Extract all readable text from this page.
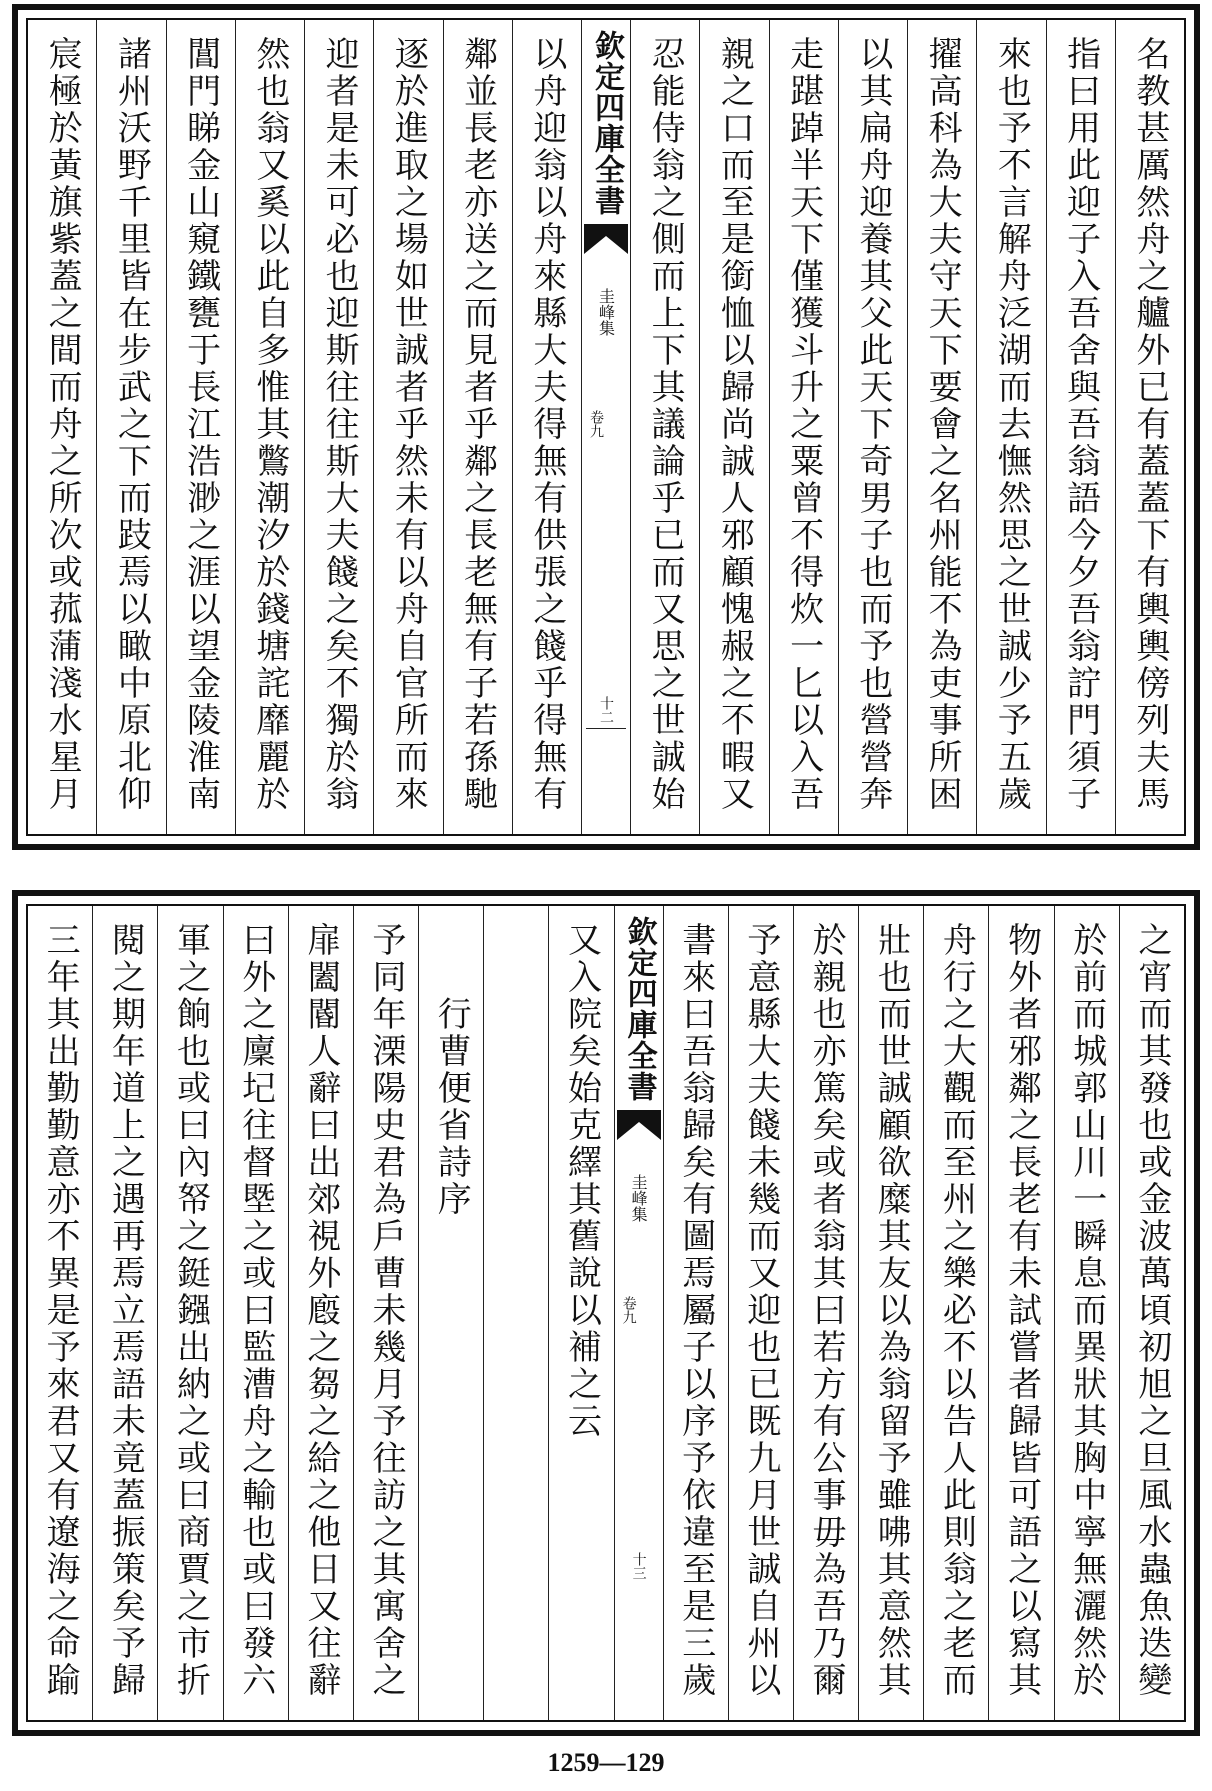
名教甚厲然舟之艫外已有蓋蓋下有輿輿傍列夫馬
指曰用此迎子入吾舍與吾翁語今夕吾翁詝門須子
來也予不言解舟泛湖而去憮然思之世誠少予五歲
擢高科為大夫守天下要會之名州能不為吏事所困
以其扁舟迎養其父此天下奇男子也而予也營營奔
走踸踔半天下僅獲斗升之粟曾不得炊一匕以入吾
親之口而至是銜恤以歸尚誠人邪顧愧赧之不暇又
忍能侍翁之側而上下其議論乎已而又思之世誠始
欽定四庫全書
圭峰集
卷九
十二
以舟迎翁以舟來縣大夫得無有供張之餞乎得無有
鄰並長老亦送之而見者乎鄰之長老無有子若孫馳
逐於進取之場如世誠者乎然未有以舟自官所而來
迎者是未可必也迎斯往往斯大夫餞之矣不獨於翁
然也翁又奚以此自多惟其鷩潮汐於錢塘詫靡麗於
閶門睇金山窺鐵甕于長江浩渺之涯以望金陵淮南
諸州沃野千里皆在步武之下而跂焉以瞰中原北仰
宸極於黃旗紫蓋之間而舟之所次或菰蒲淺水星月
之宵而其發也或金波萬頃初旭之旦風水蟲魚迭變
於前而城郭山川一瞬息而異狀其胸中寧無灑然於
物外者邪鄰之長老有未試嘗者歸皆可語之以寫其
舟行之大觀而至州之樂必不以告人此則翁之老而
壯也而世誠顧欲糜其友以為翁留予雖咈其意然其
於親也亦篤矣或者翁其曰若方有公事毋為吾乃爾
予意縣大夫餞未幾而又迎也已既九月世誠自州以
書來曰吾翁歸矣有圖焉屬子以序予依違至是三歲
欽定四庫全書
圭峰集
卷九
十三
又入院矣始克繹其舊說以補之云
行曹便省詩序
予同年溧陽史君為戶曹未幾月予往訪之其寓舍之
扉闔閽人辭曰出郊視外廏之芻之給之他日又往辭
曰外之廩圮往督塈之或曰監漕舟之輸也或曰發六
軍之餉也或曰內帑之鋌鏹出納之或曰商賈之市折
閱之期年道上之遇再焉立焉語未竟蓋振策矣予歸
三年其出勤勤意亦不異是予來君又有遼海之命踰
1259—129
